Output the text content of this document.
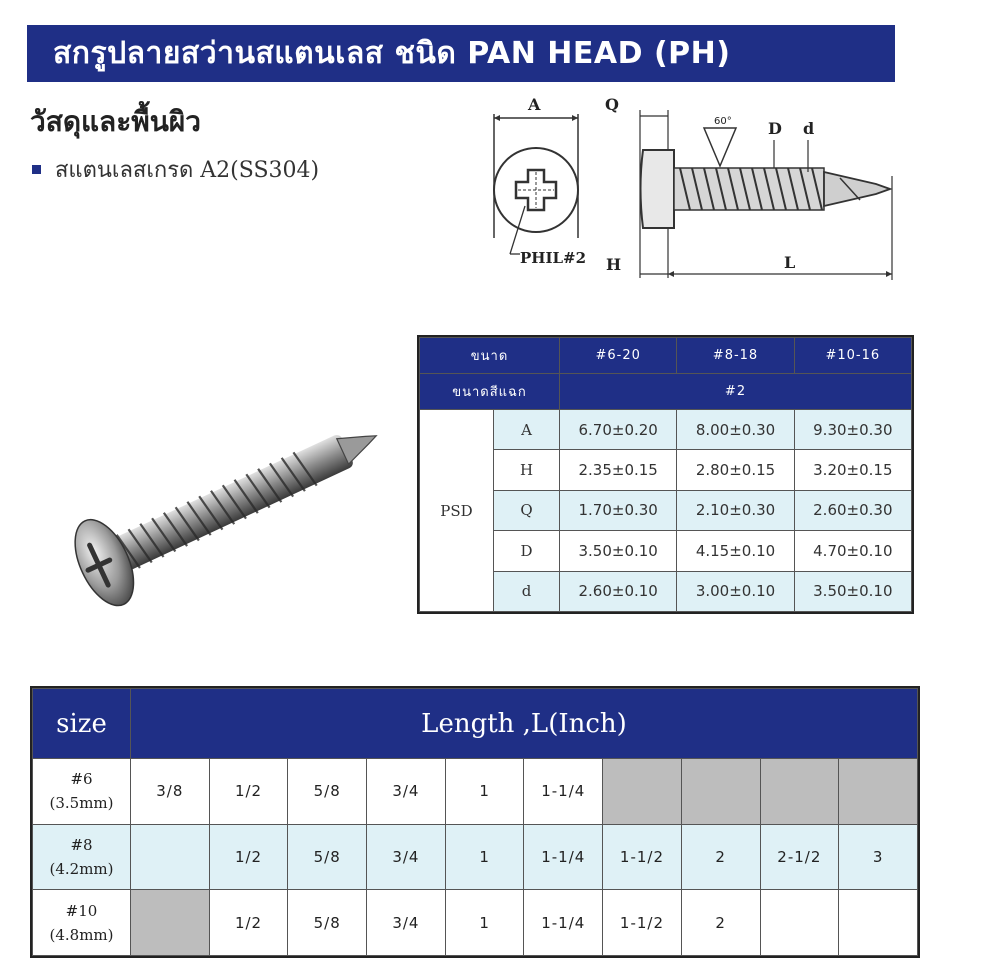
สกรูปลายสว่านสแตนเลส ชนิด PAN HEAD (PH)
วัสดุและพื้นผิว
สแตนเลสเกรด A2(SS304)
A
PHIL#2
Q
60° D d
H	L
ขนาด		#6-20	#8-18	#10-16
ขนาดสีแฉก		#2		
PSD	A	6.70±0.20	8.00±0.30	9.30±0.30
	H	2.35±0.15	2.80±0.15	3.20±0.15
	Q	1.70±0.30	2.10±0.30	2.60±0.30
	D	3.50±0.10	4.15±0.10	4.70±0.10
	d	2.60±0.10	3.00±0.10	3.50±0.10
size	Length ,L(Inch)									

#6
(3.5mm)	3/8	1/2	5/8	3/4	1	1-1/4				

#8
(4.2mm)		1/2	5/8	3/4	1	1-1/4	1-1/2	2	2-1/2	3

#10
(4.8mm)		1/2	5/8	3/4	1	1-1/4	1-1/2	2		
